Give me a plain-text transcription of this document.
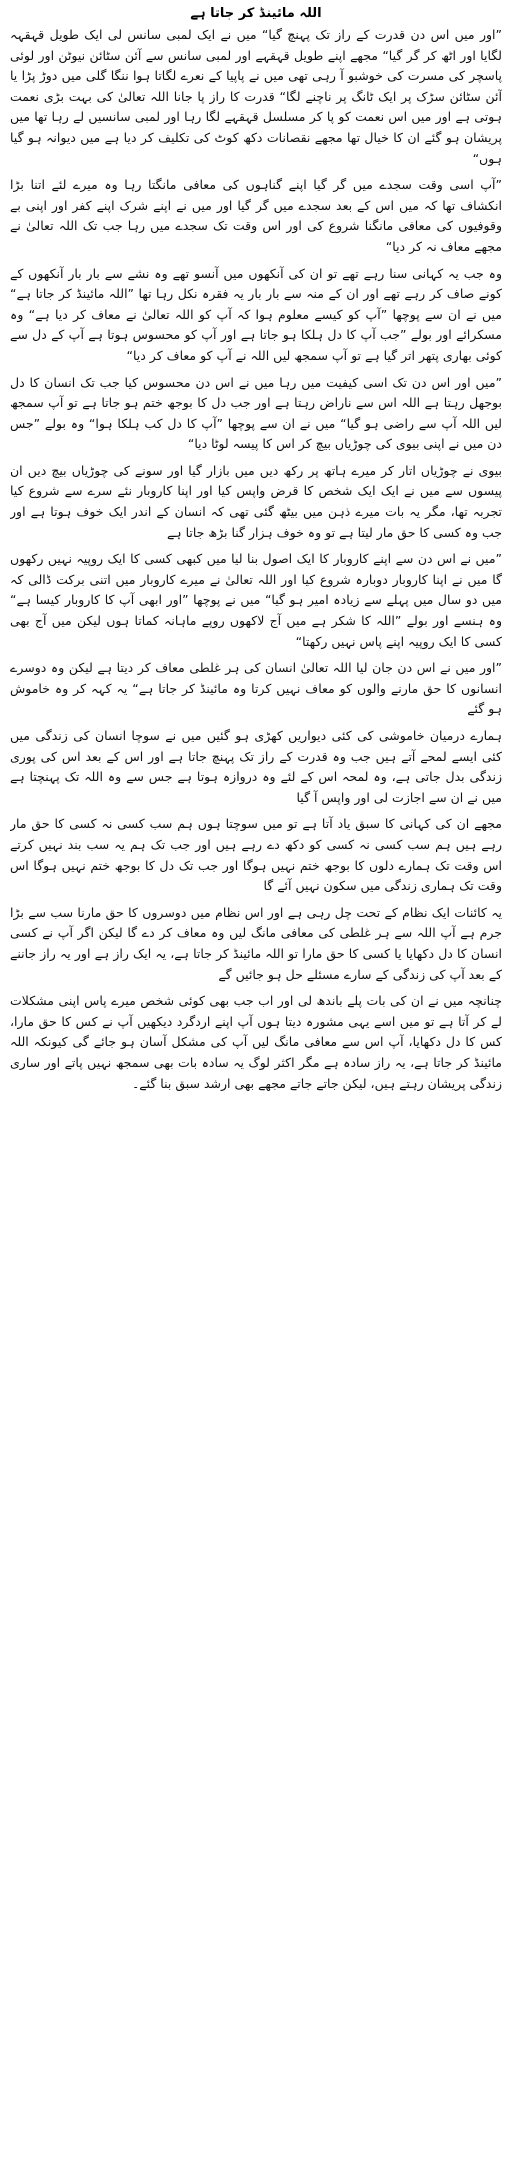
اللہ مائینڈ کر جاتا ہے

”اور میں اس دن قدرت کے راز تک پہنچ گیا“ میں نے ایک لمبی سانس لی ایک طویل قہقہہ لگایا اور اٹھ کر گر گیا“ مجھے اپنے طویل قہقہے اور لمبی سانس سے آئن سٹائن نیوٹن اور لوئی پاسچر کی مسرت کی خوشبو آ رہی تھی میں نے پاپیا کے نعرے لگاتا ہوا ننگا گلی میں دوڑ پڑا یا آئن سٹائن سڑک پر ایک ٹانگ پر ناچنے لگا“ قدرت کا راز پا جانا اللہ تعالیٰ کی بہت بڑی نعمت ہوتی ہے اور میں اس نعمت کو پا کر مسلسل قہقہے لگا رہا اور لمبی سانسیں لے رہا تھا میں پریشان ہو گئے ان کا خیال تھا مجھے نقصانات دکھ کوٹ کی تکلیف کر دیا ہے میں دیوانہ ہو گیا ہوں“

”آپ اسی وقت سجدے میں گر گیا اپنے گناہوں کی معافی مانگتا رہا وہ میرے لئے اتنا بڑا انکشاف تھا کہ میں اس کے بعد سجدے میں گر گیا اور میں نے اپنے شرک اپنے کفر اور اپنی بے وقوفیوں کی معافی مانگنا شروع کی اور اس وقت تک سجدے میں رہا جب تک اللہ تعالیٰ نے مجھے معاف نہ کر دیا“

وہ جب یہ کہانی سنا رہے تھے تو ان کی آنکھوں میں آنسو تھے وہ نشے سے بار بار آنکھوں کے کونے صاف کر رہے تھے اور ان کے منہ سے بار بار یہ فقرہ نکل رہا تھا ”اللہ مائینڈ کر جاتا ہے“ میں نے ان سے پوچھا ”آپ کو کیسے معلوم ہوا کہ آپ کو اللہ تعالیٰ نے معاف کر دیا ہے“ وہ مسکرائے اور بولے ”جب آپ کا دل ہلکا ہو جاتا ہے اور آپ کو محسوس ہوتا ہے آپ کے دل سے کوئی بھاری پتھر اتر گیا ہے تو آپ سمجھ لیں اللہ نے آپ کو معاف کر دیا“

”میں اور اس دن تک اسی کیفیت میں رہا میں نے اس دن محسوس کیا جب تک انسان کا دل بوجھل رہتا ہے اللہ اس سے ناراض رہتا ہے اور جب دل کا بوجھ ختم ہو جاتا ہے تو آپ سمجھ لیں اللہ آپ سے راضی ہو گیا“ میں نے ان سے پوچھا ”آپ کا دل کب ہلکا ہوا“ وہ بولے ”جس دن میں نے اپنی بیوی کی چوڑیاں بیچ کر اس کا پیسہ لوٹا دیا“

بیوی نے چوڑیاں اتار کر میرے ہاتھ پر رکھ دیں میں بازار گیا اور سونے کی چوڑیاں بیچ دیں ان پیسوں سے میں نے ایک ایک شخص کا قرض واپس کیا اور اپنا کاروبار نئے سرے سے شروع کیا تجربہ تھا، مگر یہ بات میرے ذہن میں بیٹھ گئی تھی کہ انسان کے اندر ایک خوف ہوتا ہے اور جب وہ کسی کا حق مار لیتا ہے تو وہ خوف ہزار گنا بڑھ جاتا ہے

”میں نے اس دن سے اپنے کاروبار کا ایک اصول بنا لیا میں کبھی کسی کا ایک روپیہ نہیں رکھوں گا میں نے اپنا کاروبار دوبارہ شروع کیا اور اللہ تعالیٰ نے میرے کاروبار میں اتنی برکت ڈالی کہ میں دو سال میں پہلے سے زیادہ امیر ہو گیا“ میں نے پوچھا ”اور ابھی آپ کا کاروبار کیسا ہے“ وہ ہنسے اور بولے ”اللہ کا شکر ہے میں آج لاکھوں روپے ماہانہ کماتا ہوں لیکن میں آج بھی کسی کا ایک روپیہ اپنے پاس نہیں رکھتا“

”اور میں نے اس دن جان لیا اللہ تعالیٰ انسان کی ہر غلطی معاف کر دیتا ہے لیکن وہ دوسرے انسانوں کا حق مارنے والوں کو معاف نہیں کرتا وہ مائینڈ کر جاتا ہے“ یہ کہہ کر وہ خاموش ہو گئے

ہمارے درمیان خاموشی کی کئی دیواریں کھڑی ہو گئیں میں نے سوچا انسان کی زندگی میں کئی ایسے لمحے آتے ہیں جب وہ قدرت کے راز تک پہنچ جاتا ہے اور اس کے بعد اس کی پوری زندگی بدل جاتی ہے، وہ لمحہ اس کے لئے وہ دروازہ ہوتا ہے جس سے وہ اللہ تک پہنچتا ہے میں نے ان سے اجازت لی اور واپس آ گیا

مجھے ان کی کہانی کا سبق یاد آتا ہے تو میں سوچتا ہوں ہم سب کسی نہ کسی کا حق مار رہے ہیں ہم سب کسی نہ کسی کو دکھ دے رہے ہیں اور جب تک ہم یہ سب بند نہیں کرتے اس وقت تک ہمارے دلوں کا بوجھ ختم نہیں ہوگا اور جب تک دل کا بوجھ ختم نہیں ہوگا اس وقت تک ہماری زندگی میں سکون نہیں آئے گا

یہ کائنات ایک نظام کے تحت چل رہی ہے اور اس نظام میں دوسروں کا حق مارنا سب سے بڑا جرم ہے آپ اللہ سے ہر غلطی کی معافی مانگ لیں وہ معاف کر دے گا لیکن اگر آپ نے کسی انسان کا دل دکھایا یا کسی کا حق مارا تو اللہ مائینڈ کر جاتا ہے، یہ ایک راز ہے اور یہ راز جاننے کے بعد آپ کی زندگی کے سارے مسئلے حل ہو جائیں گے

چنانچہ میں نے ان کی بات پلے باندھ لی اور اب جب بھی کوئی شخص میرے پاس اپنی مشکلات لے کر آتا ہے تو میں اسے یہی مشورہ دیتا ہوں آپ اپنے اردگرد دیکھیں آپ نے کس کا حق مارا، کس کا دل دکھایا، آپ اس سے معافی مانگ لیں آپ کی مشکل آسان ہو جائے گی کیونکہ اللہ مائینڈ کر جاتا ہے، یہ راز سادہ ہے مگر اکثر لوگ یہ سادہ بات بھی سمجھ نہیں پاتے اور ساری زندگی پریشان رہتے ہیں، لیکن جاتے جاتے مجھے بھی ارشد سبق بنا گئے۔
